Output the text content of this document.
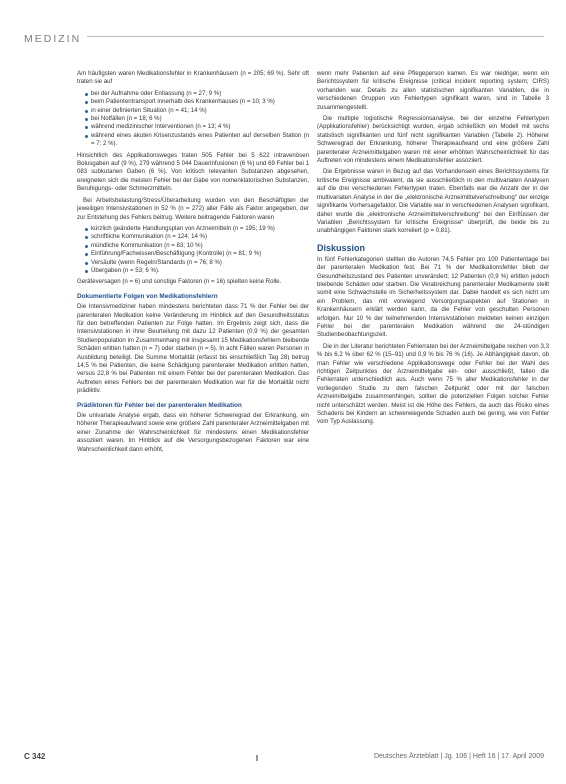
MEDIZIN

Am häufigsten waren Medikationsfehler in Krankenhäusern (n = 205; 69 %). Sehr oft traten sie auf

bei der Aufnahme oder Entlassung (n = 27; 9 %)
beim Patiententransport innerhalb des Krankenhauses (n = 10; 3 %)
in einer definierten Situation (n = 41; 14 %)
bei Notfällen (n = 18; 6 %)
während medizinischer Interventionen (n = 13; 4 %)
während eines akuten Krisenzustands eines Patienten auf derselben Station (n = 7; 2 %).

Hinsichtlich des Applikationsweges traten 505 Fehler bei 5 622 intravenösen Bolusgaben auf (9 %), 279 während 5 044 Dauerinfusionen (6 %) und 69 Fehler bei 1 083 subkutanen Gaben (6 %). Von kritisch relevanten Substanzen abgesehen, ereigneten sich die meisten Fehler bei der Gabe von nomenklatorischen Substanzen, Beruhigungs- oder Schmerzmitteln.

Bei Arbeitsbelastung/Stress/Überarbeitung wurden von den Beschäftigten der jeweiligen Intensivstationen in 52 % (n = 272) aller Fälle als Faktor angegeben, der zur Entstehung des Fehlers beitrug. Weitere beitragende Faktoren waren

kürzlich geänderte Handlungsplan von Arzneimitteln (n = 195; 19 %)
schriftliche Kommunikation (n = 124; 14 %)
mündliche Kommunikation (n = 83; 10 %)
Einführung/Fachwissen/Beschäftigung (Kontrolle) (n = 81; 9 %)
Versäulte (wenn Regeln/Standards (n = 76; 8 %)
Übergaben (n = 53; 6 %).

Geräteversagen (n = 6) und sonstige Faktoren (n = 16) spielten keine Rolle.

Dokumentierte Folgen von Medikationsfehlern

Die Intensivmediziner haben mindestens berichteten dass 71 % der Fehler bei der parenteralen Medikation keine Veränderung im Hinblick auf den Gesundheitsstatus für den betreffenden Patienten zur Folge hatten. Im Ergebnis zeigt sich, dass die Intensivstationen in ihrer Beurteilung mit dazu 12 Patienten (0,9 %) der gesamten Studienpopulation im Zusammenhang mit insgesamt 15 Medikationsfehlern bleibende Schäden erlitten hatten (n = 7) oder starben (n = 5). In acht Fällen waren Personen in Ausbildung beteiligt. Die Summe Mortalität (erfasst bis einschließlich Tag 28) betrug 14,5 % bei Patienten, die keine Schädigung parenteraler Medikation erlitten hatten, versus 22,8 % bei Patienten mit einem Fehler bei der parenteralen Medikation. Das Auftreten eines Fehlers bei der parenteralen Medikation war für die Mortalität nicht prädiktiv.

Prädiktoren für Fehler bei der parenteralen Medikation

Die univariate Analyse ergab, dass ein höherer Schweregrad der Erkrankung, ein höherer Therapieaufwand sowie eine größere Zahl parenteraler Arzneimittelgaben mit einer Zunahme der Wahrscheinlichkeit für mindestens einen Medikationsfehler assoziiert waren. Im Hinblick auf die Versorgungsbezogenen Faktoren war eine Wahrscheinlichkeit dann erhöht,

wenn mehr Patienten auf eine Pflegeperson kamen. Es war niedriger, wenn ein Berichtssystem für kritische Ereignisse (critical incident reporting system; CIRS) vorhanden war. Details zu allen statistischen signifikanten Variablen, die in verschiedenen Gruppen von Fehlertypen signifikant waren, sind in Tabelle 3 zusammengestellt.

Die multiple logistische Regressionsanalyse, bei der einzelne Fehlertypen (Applikationsfehler) berücksichtigt wurden, ergab schließlich ein Modell mit sechs statistisch signifikanten und fünf nicht signifikanten Variablen (Tabelle 2). Höherer Schweregrad der Erkrankung, höherer Therapieaufwand und eine größere Zahl parenteraler Arzneimittelgaben waren mit einer erhöhten Wahrscheinlichkeit für das Auftreten von mindestens einem Medikationsfehler assoziiert.

Die Ergebnisse waren in Bezug auf das Vorhandensein eines Berichtssystems für kritische Ereignisse ambivalent, da sie ausschließlich in den multivariaten Analysen auf die drei verschiedenen Fehlertypen traten. Ebenfalls war die Anzahl der in der multivariaten Analyse in der die „elektronische Arzneimittelverschreibung“ der einzige signifikante Vorhersagefaktor. Die Variable war in verschiedenen Analysen signifikant, daher wurde die „elektronische Arzneimittelverschreibung“ bei den Einflüssen der Variablen „Berichtssystem für kritische Ereignisse“ überprüft, die beide bis zu unabhängigen Faktoren stark korreliert (p = 0,81).

Diskussion

In fünf Fehlerkategorien stellten die Autoren 74,5 Fehler pro 100 Patiententage bei der parenteralen Medikation fest. Bei 71 % der Medikationsfehler blieb der Gesundheitszustand des Patienten unverändert; 12 Patienten (0,9 %) erlitten jedoch bleibende Schäden oder starben. Die Verabreichung parenteraler Medikamente stellt somit eine Schwachstelle im Sicherheitssystem dar. Dabei handelt es sich nicht um ein Problem, das mit vorwiegend Versorgungsaspekten auf Stationen in Krankenhäusern erklärt werden kann, da die Fehler von geschulten Personen erfolgen. Nur 10 % der teilnehmenden Intensivstationen meldeten keinen einzigen Fehler bei der parenteralen Medikation während der 24-stündigen Studienbeobachtungszeit.

Die in der Literatur berichteten Fehlerraten bei der Arzneimittelgabe reichen von 3,3 % bis 6,2 % über 62 % (15–91) und 0,9 % bis 76 % (16). Je Abhängigkeit davon, ob man Fehler wie verschiedene Applikationswege oder Fehler bei der Wahl des richtigen Zeitpunktes der Arzneimittelgabe ein- oder ausschließt, fallen die Fehlerraten unterschiedlich aus. Auch wenn 75 % aller Medikationsfehler in der vorliegenden Studie zu dem falschen Zeitpunkt oder mit der falschen Arzneimittelgabe zusammenhingen, sollten die potenziellen Folgen solcher Fehler nicht unterschätzt werden. Meist ist die Höhe des Fehlers, da auch das Risiko eines Schadens bei Kindern an schwerwiegende Schaden auch bei gering, wie von Fehler vom Typ Auslassung.

C 342	Deutsches Ärzteblatt | Jg. 106 | Heft 16 | 17. April 2009
